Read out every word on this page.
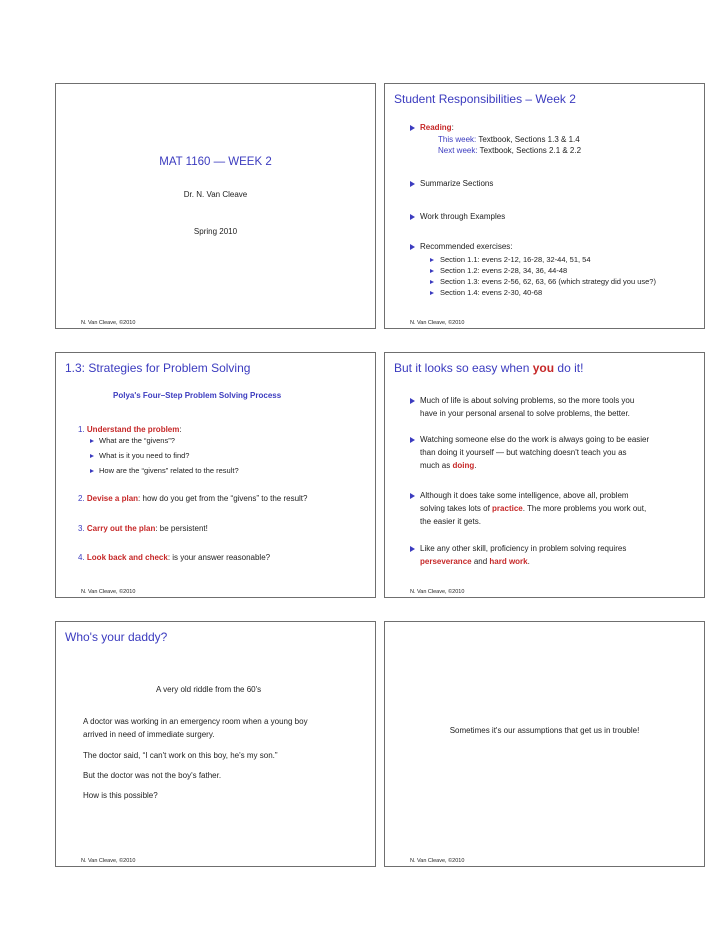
MAT 1160 — WEEK 2
Dr. N. Van Cleave
Spring 2010
N. Van Cleave, ©2010
Student Responsibilities – Week 2
Reading:
This week: Textbook, Sections 1.3 & 1.4
Next week: Textbook, Sections 2.1 & 2.2
Summarize Sections
Work through Examples
Recommended exercises:
Section 1.1: evens 2-12, 16-28, 32-44, 51, 54
Section 1.2: evens 2-28, 34, 36, 44-48
Section 1.3: evens 2-56, 62, 63, 66 (which strategy did you use?)
Section 1.4: evens 2-30, 40-68
N. Van Cleave, ©2010
1.3: Strategies for Problem Solving
Polya's Four–Step Problem Solving Process
1. Understand the problem:
What are the “givens”?
What is it you need to find?
How are the “givens” related to the result?
2. Devise a plan: how do you get from the “givens” to the result?
3. Carry out the plan: be persistent!
4. Look back and check: is your answer reasonable?
N. Van Cleave, ©2010
But it looks so easy when you do it!
Much of life is about solving problems, so the more tools you
have in your personal arsenal to solve problems, the better.
Watching someone else do the work is always going to be easier
than doing it yourself — but watching doesn't teach you as
much as doing.
Although it does take some intelligence, above all, problem
solving takes lots of practice. The more problems you work out,
the easier it gets.
Like any other skill, proficiency in problem solving requires
perseverance and hard work.
N. Van Cleave, ©2010
Who's your daddy?
A very old riddle from the 60's
A doctor was working in an emergency room when a young boy
arrived in need of immediate surgery.
The doctor said, “I can't work on this boy, he's my son.”
But the doctor was not the boy's father.
How is this possible?
N. Van Cleave, ©2010
Sometimes it's our assumptions that get us in trouble!
N. Van Cleave, ©2010
